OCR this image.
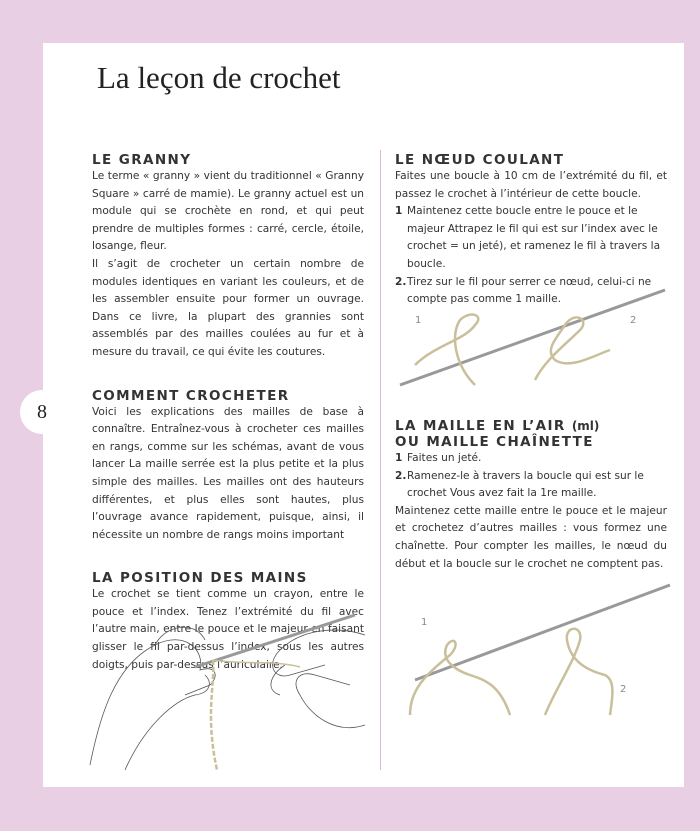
8
La leçon de crochet
LE GRANNY

Le terme « granny » vient du traditionnel « Granny Square » carré de mamie). Le granny actuel est un module qui se crochète en rond, et qui peut prendre de multiples formes : carré, cercle, étoile, losange, fleur.

Il s’agit de crocheter un certain nombre de modules identiques en variant les couleurs, et de les assembler ensuite pour former un ouvrage. Dans ce livre, la plupart des grannies sont assemblés par des mailles coulées au fur et à mesure du travail, ce qui évite les coutures.

COMMENT CROCHETER

Voici les explications des mailles de base à connaître. Entraînez-vous à crocheter ces mailles en rangs, comme sur les schémas, avant de vous lancer La maille serrée est la plus petite et la plus simple des mailles. Les mailles ont des hauteurs différentes, et plus elles sont hautes, plus l’ouvrage avance rapidement, puisque, ainsi, il nécessite un nombre de rangs moins important

LA POSITION DES MAINS

Le crochet se tient comme un crayon, entre le pouce et l’index. Tenez l’extrémité du fil avec l’autre main, entre le pouce et le majeur en faisant glisser le fil par-dessus l’index, sous les autres doigts, puis par-dessus l’auriculaire.

LE NŒUD COULANT

Faites une boucle à 10 cm de l’extrémité du fil, et passez le crochet à l’intérieur de cette boucle.

1 Maintenez cette boucle entre le pouce et le majeur Attrapez le fil qui est sur l’index avec le crochet = un jeté), et ramenez le fil à travers la boucle.
2. Tirez sur le fil pour serrer ce nœud, celui-ci ne compte pas comme 1 maille.
1	2
LA MAILLE EN L’AIR (ml)
OU MAILLE CHAÎNETTE
1 Faites un jeté.
2. Ramenez-le à travers la boucle qui est sur le crochet Vous avez fait la 1re maille.

Maintenez cette maille entre le pouce et le majeur et crochetez d’autres mailles : vous formez une chaînette. Pour compter les mailles, le nœud du début et la boucle sur le crochet ne comptent pas.

1
2
